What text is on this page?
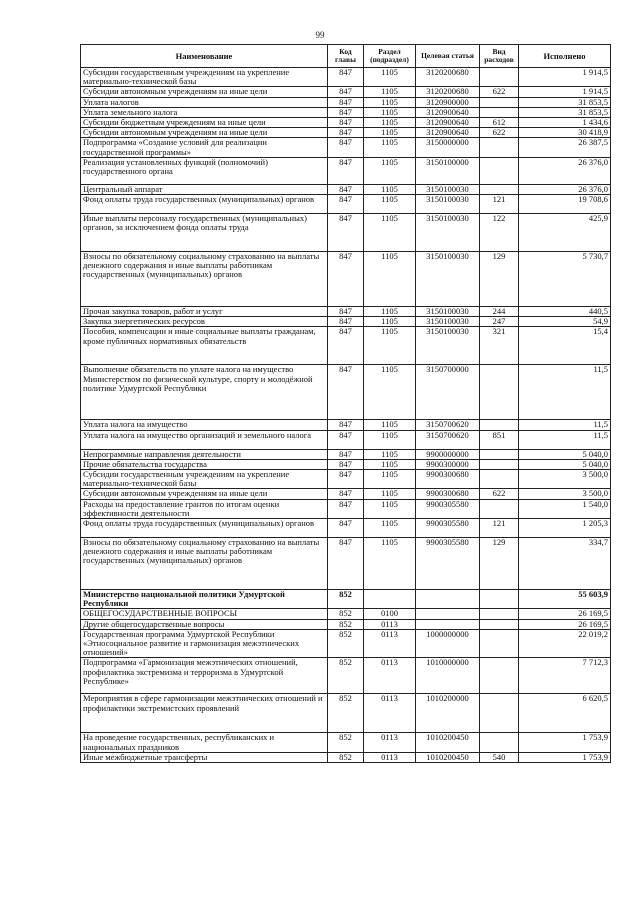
99
Наименование	Код главы	Раздел (подраздел)	Целевая статья	Вид расходов	Исполнено
Субсидии государственным учреждениям на укрепление материально-технической базы	847	1105	3120200680		1 914,5
Субсидии автономным учреждениям на иные цели	847	1105	3120200680	622	1 914,5
Уплата налогов	847	1105	3120900000		31 853,5
Уплата земельного налога	847	1105	3120900640		31 853,5
Субсидии бюджетным учреждениям на иные цели	847	1105	3120900640	612	1 434,6
Субсидии автономным учреждениям на иные цели	847	1105	3120900640	622	30 418,9
Подпрограмма «Создание условий для реализации государственной программы»	847	1105	3150000000		26 387,5
Реализация установленных функций (полномочий) государственного органа	847	1105	3150100000		26 376,0
Центральный аппарат	847	1105	3150100030		26 376,0
Фонд оплаты труда государственных (муниципальных) органов	847	1105	3150100030	121	19 708,6
Иные выплаты персоналу государственных (муниципальных) органов, за исключением фонда оплаты труда	847	1105	3150100030	122	425,9
Взносы по обязательному социальному страхованию на выплаты денежного содержания и иные выплаты работникам государственных (муниципальных) органов	847	1105	3150100030	129	5 730,7
Прочая закупка товаров, работ и услуг	847	1105	3150100030	244	440,5
Закупка энергетических ресурсов	847	1105	3150100030	247	54,9
Пособия, компенсации и иные социальные выплаты гражданам, кроме публичных нормативных обязательств	847	1105	3150100030	321	15,4
Выполнение обязательств по уплате налога на имущество Министерством по физической культуре, спорту и молодёжной политике Удмуртской Республики	847	1105	3150700000		11,5
Уплата налога на имущество	847	1105	3150700620		11,5
Уплата налога на имущество организаций и земельного налога	847	1105	3150700620	851	11,5
Непрограммные направления деятельности	847	1105	9900000000		5 040,0
Прочие обязательства государства	847	1105	9900300000		5 040,0
Субсидии государственным учреждениям на укрепление материально-технической базы	847	1105	9900300680		3 500,0
Субсидии автономным учреждениям на иные цели	847	1105	9900300680	622	3 500,0
Расходы на предоставление грантов по итогам оценки эффективности деятельности	847	1105	9900305580		1 540,0
Фонд оплаты труда государственных (муниципальных) органов	847	1105	9900305580	121	1 205,3
Взносы по обязательному социальному страхованию на выплаты денежного содержания и иные выплаты работникам государственных (муниципальных) органов	847	1105	9900305580	129	334,7
Министерство национальной политики Удмуртской Республики	852				55 603,9
ОБЩЕГОСУДАРСТВЕННЫЕ ВОПРОСЫ	852	0100			26 169,5
Другие общегосударственные вопросы	852	0113			26 169,5
Государственная программа Удмуртской Республики «Этносоциальное развитие и гармонизация межэтнических отношений»	852	0113	1000000000		22 019,2
Подпрограмма «Гармонизация межэтнических отношений, профилактика экстремизма и терроризма в Удмуртской Республике»	852	0113	1010000000		7 712,3
Мероприятия в сфере гармонизации межэтнических отношений и профилактики экстремистских проявлений	852	0113	1010200000		6 620,5
На проведение государственных, республиканских и национальных праздников	852	0113	1010200450		1 753,9
Иные межбюджетные трансферты	852	0113	1010200450	540	1 753,9
